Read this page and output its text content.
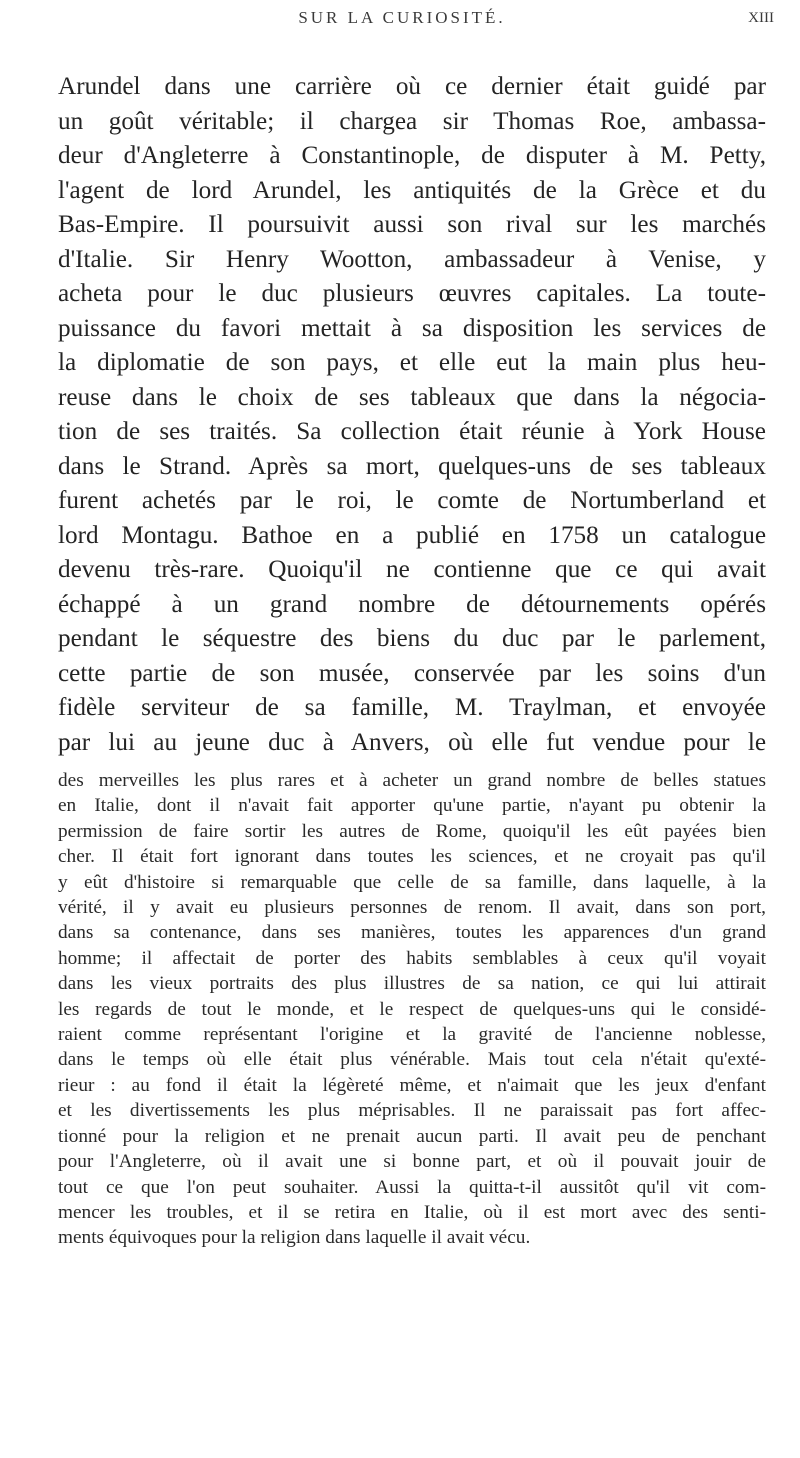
SUR LA CURIOSITÉ.	XIII
Arundel dans une carrière où ce dernier était guidé par
un goût véritable; il chargea sir Thomas Roe, ambassa-
deur d'Angleterre à Constantinople, de disputer à M. Petty,
l'agent de lord Arundel, les antiquités de la Grèce et du
Bas-Empire. Il poursuivit aussi son rival sur les marchés
d'Italie. Sir Henry Wootton, ambassadeur à Venise, y
acheta pour le duc plusieurs œuvres capitales. La toute-
puissance du favori mettait à sa disposition les services de
la diplomatie de son pays, et elle eut la main plus heu-
reuse dans le choix de ses tableaux que dans la négocia-
tion de ses traités. Sa collection était réunie à York House
dans le Strand. Après sa mort, quelques-uns de ses tableaux
furent achetés par le roi, le comte de Nortumberland et
lord Montagu. Bathoe en a publié en 1758 un catalogue
devenu très-rare. Quoiqu'il ne contienne que ce qui avait
échappé à un grand nombre de détournements opérés
pendant le séquestre des biens du duc par le parlement,
cette partie de son musée, conservée par les soins d'un
fidèle serviteur de sa famille, M. Traylman, et envoyée
par lui au jeune duc à Anvers, où elle fut vendue pour le
des merveilles les plus rares et à acheter un grand nombre de belles statues
en Italie, dont il n'avait fait apporter qu'une partie, n'ayant pu obtenir la
permission de faire sortir les autres de Rome, quoiqu'il les eût payées bien
cher. Il était fort ignorant dans toutes les sciences, et ne croyait pas qu'il
y eût d'histoire si remarquable que celle de sa famille, dans laquelle, à la
vérité, il y avait eu plusieurs personnes de renom. Il avait, dans son port,
dans sa contenance, dans ses manières, toutes les apparences d'un grand
homme; il affectait de porter des habits semblables à ceux qu'il voyait
dans les vieux portraits des plus illustres de sa nation, ce qui lui attirait
les regards de tout le monde, et le respect de quelques-uns qui le considé-
raient comme représentant l'origine et la gravité de l'ancienne noblesse,
dans le temps où elle était plus vénérable. Mais tout cela n'était qu'exté-
rieur : au fond il était la légèreté même, et n'aimait que les jeux d'enfant
et les divertissements les plus méprisables. Il ne paraissait pas fort affec-
tionné pour la religion et ne prenait aucun parti. Il avait peu de penchant
pour l'Angleterre, où il avait une si bonne part, et où il pouvait jouir de
tout ce que l'on peut souhaiter. Aussi la quitta-t-il aussitôt qu'il vit com-
mencer les troubles, et il se retira en Italie, où il est mort avec des senti-
ments équivoques pour la religion dans laquelle il avait vécu.
